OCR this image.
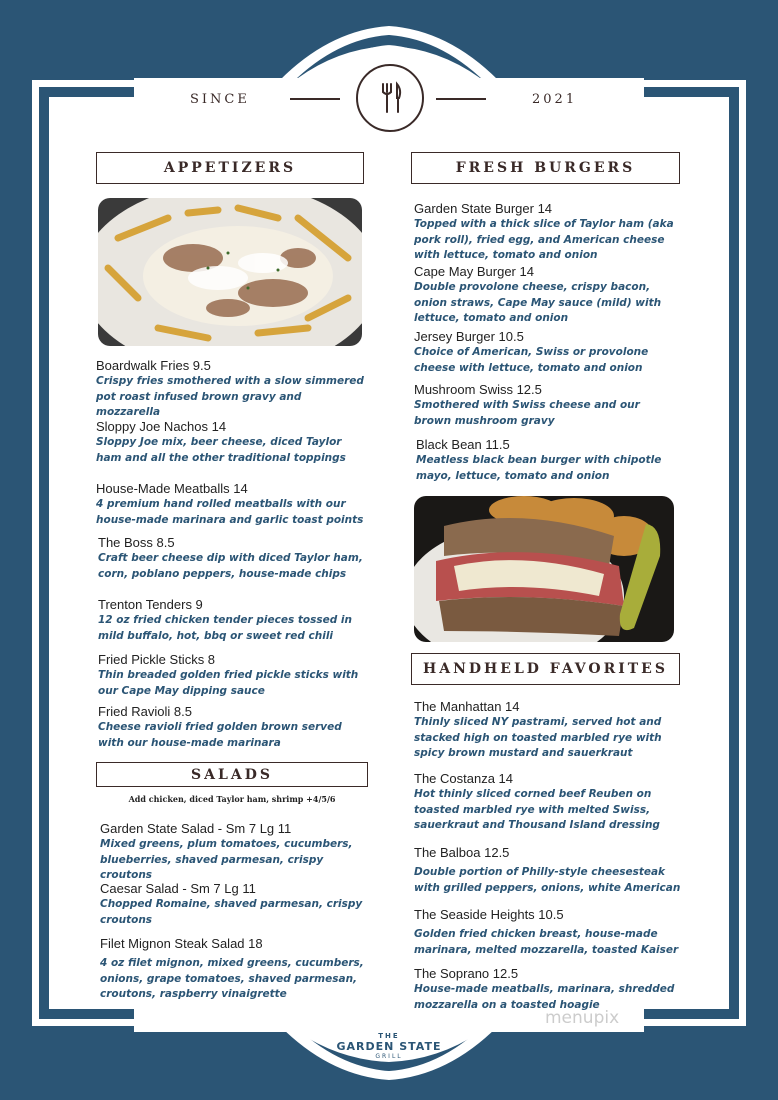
SINCE	2021
APPETIZERS
Boardwalk Fries 9.5
Crispy fries smothered with a slow simmered pot roast infused brown gravy and mozzarella
Sloppy Joe Nachos 14
Sloppy Joe mix, beer cheese, diced Taylor ham and all the other traditional toppings
House-Made Meatballs 14
4 premium hand rolled meatballs with our house-made marinara and garlic toast points
The Boss 8.5
Craft beer cheese dip with diced Taylor ham, corn, poblano peppers, house-made chips
Trenton Tenders 9
12 oz fried chicken tender pieces tossed in mild buffalo, hot, bbq or sweet red chili
Fried Pickle Sticks 8
Thin breaded golden fried pickle sticks with our Cape May dipping sauce
Fried Ravioli 8.5
Cheese ravioli fried golden brown served with our house-made marinara
SALADS
Add chicken, diced Taylor ham, shrimp +4/5/6
Garden State Salad - Sm 7 Lg 11
Mixed greens, plum tomatoes, cucumbers, blueberries, shaved parmesan, crispy croutons
Caesar Salad - Sm 7 Lg 11
Chopped Romaine, shaved parmesan, crispy croutons
Filet Mignon Steak Salad 18
4 oz filet mignon, mixed greens, cucumbers, onions, grape tomatoes, shaved parmesan, croutons, raspberry vinaigrette
FRESH BURGERS
Garden State Burger 14
Topped with a thick slice of Taylor ham (aka pork roll), fried egg, and American cheese with lettuce, tomato and onion
Cape May Burger 14
Double provolone cheese, crispy bacon, onion straws, Cape May sauce (mild) with lettuce, tomato and onion
Jersey Burger 10.5
Choice of American, Swiss or provolone cheese with lettuce, tomato and onion
Mushroom Swiss 12.5
Smothered with Swiss cheese and our brown mushroom gravy
Black Bean 11.5
Meatless black bean burger with chipotle mayo, lettuce, tomato and onion
HANDHELD FAVORITES
The Manhattan 14
Thinly sliced NY pastrami, served hot and stacked high on toasted marbled rye with spicy brown mustard and sauerkraut
The Costanza 14
Hot thinly sliced corned beef Reuben on toasted marbled rye with melted Swiss, sauerkraut and Thousand Island dressing
The Balboa 12.5
Double portion of Philly-style cheesesteak with grilled peppers, onions, white American
The Seaside Heights 10.5
Golden fried chicken breast, house-made marinara, melted mozzarella, toasted Kaiser
The Soprano 12.5
House-made meatballs, marinara, shredded mozzarella on a toasted hoagie
THE
GARDEN STATE
GRILL
menupix
